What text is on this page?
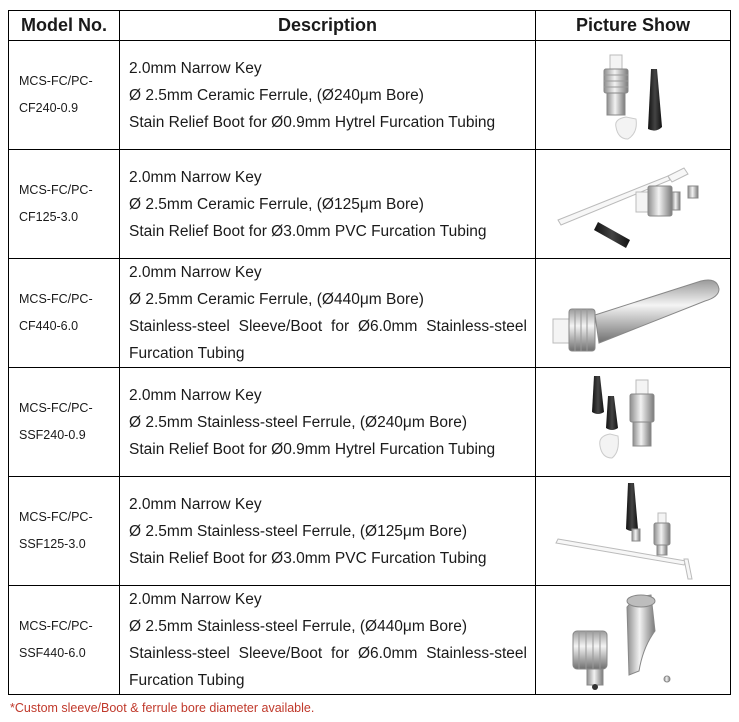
Model No.	Description	Picture Show

MCS-FC/PC-
CF240-0.9	2.0mm Narrow Key
Ø 2.5mm Ceramic Ferrule, (Ø240μm Bore)
Stain Relief Boot for Ø0.9mm Hytrel Furcation Tubing

MCS-FC/PC-
CF125-3.0	2.0mm Narrow Key
Ø 2.5mm Ceramic Ferrule, (Ø125μm Bore)
Stain Relief Boot for Ø3.0mm PVC Furcation Tubing

MCS-FC/PC-
CF440-6.0	2.0mm Narrow Key
Ø 2.5mm Ceramic Ferrule, (Ø440μm Bore)
Stainless-steel Sleeve/Boot for Ø6.0mm Stainless-steel
Furcation Tubing

MCS-FC/PC-
SSF240-0.9	2.0mm Narrow Key
Ø 2.5mm Stainless-steel Ferrule, (Ø240μm Bore)
Stain Relief Boot for Ø0.9mm Hytrel Furcation Tubing

MCS-FC/PC-
SSF125-3.0	2.0mm Narrow Key
Ø 2.5mm Stainless-steel Ferrule, (Ø125μm Bore)
Stain Relief Boot for Ø3.0mm PVC Furcation Tubing

MCS-FC/PC-
SSF440-6.0	2.0mm Narrow Key
Ø 2.5mm Stainless-steel Ferrule, (Ø440μm Bore)
Stainless-steel Sleeve/Boot for Ø6.0mm Stainless-steel
Furcation Tubing

*Custom sleeve/Boot & ferrule bore diameter available.
